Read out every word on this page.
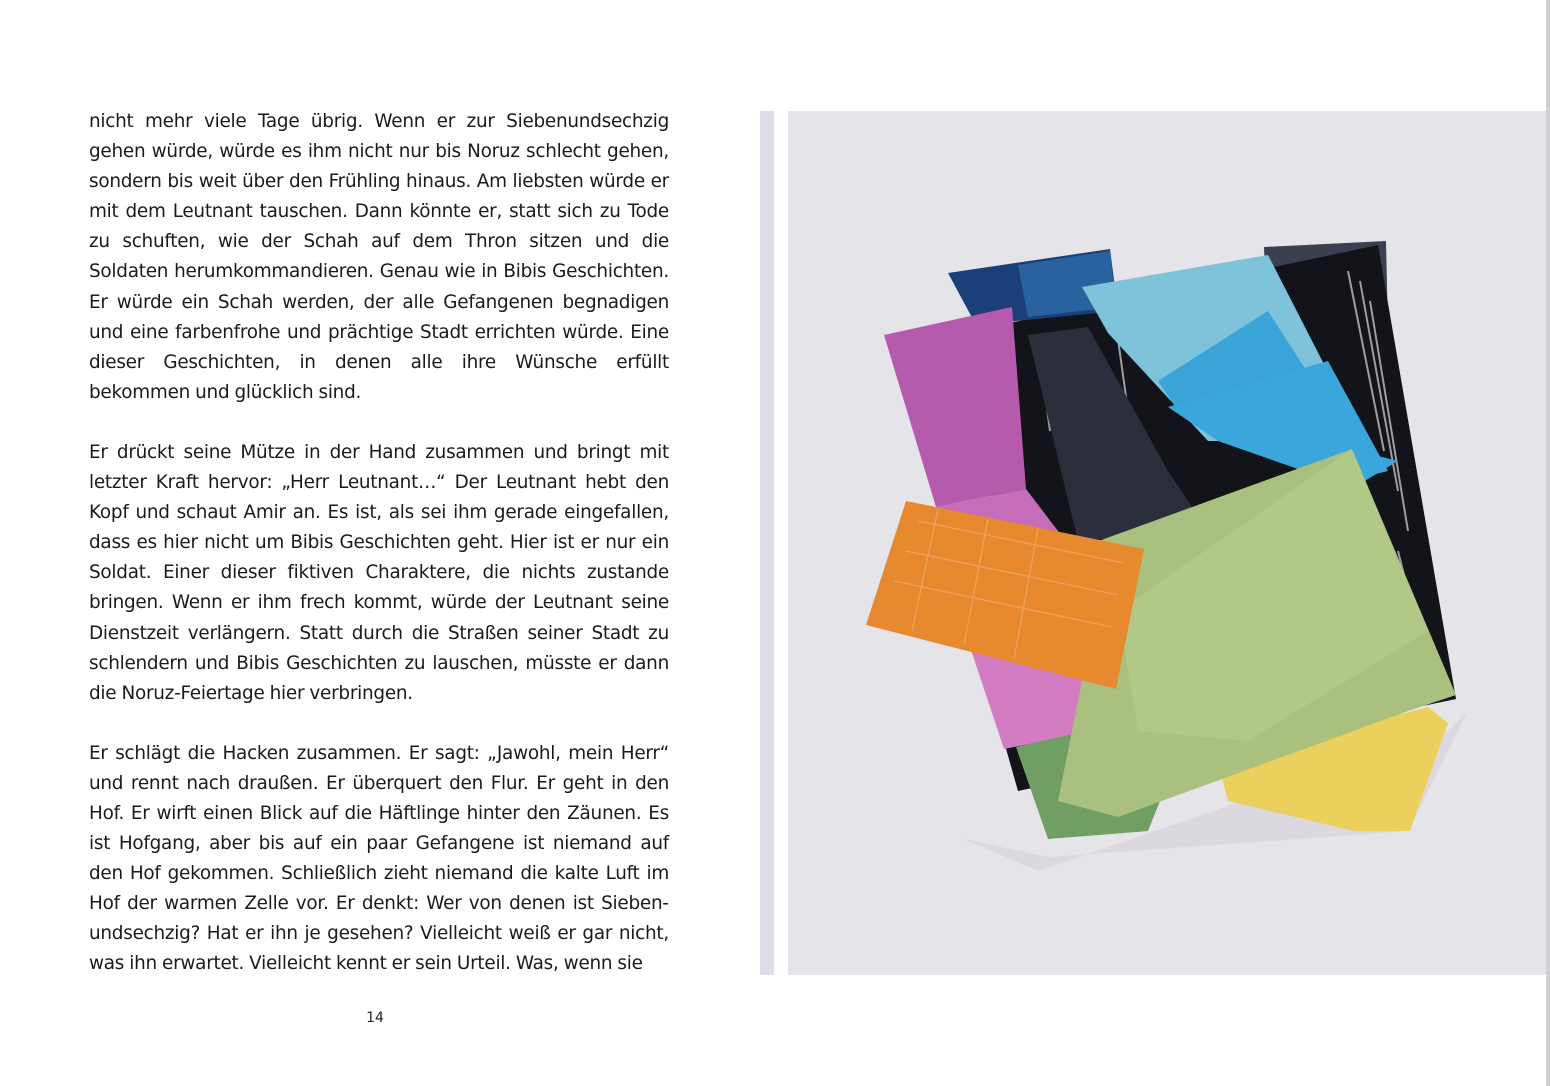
nicht mehr viele Tage übrig. Wenn er zur Siebenundsechzig gehen würde, würde es ihm nicht nur bis Noruz schlecht gehen, sondern bis weit über den Frühling hinaus. Am liebsten würde er mit dem Leutnant tauschen. Dann könnte er, statt sich zu Tode zu schuften, wie der Schah auf dem Thron sitzen und die Soldaten herumkommandieren. Genau wie in Bibis Geschichten. Er würde ein Schah werden, der alle Gefangenen begnadigen und eine farbenfrohe und prächtige Stadt errichten würde. Eine dieser Geschichten, in denen alle ihre Wünsche erfüllt bekommen und glücklich sind.

Er drückt seine Mütze in der Hand zusammen und bringt mit letzter Kraft hervor: „Herr Leutnant…“ Der Leutnant hebt den Kopf und schaut Amir an. Es ist, als sei ihm gerade eingefallen, dass es hier nicht um Bibis Geschichten geht. Hier ist er nur ein Soldat. Einer dieser fiktiven Charaktere, die nichts zustande bringen. Wenn er ihm frech kommt, würde der Leutnant seine Dienstzeit verlängern. Statt durch die Straßen seiner Stadt zu schlendern und Bibis Geschichten zu lauschen, müsste er dann die Noruz-Feiertage hier verbringen.

Er schlägt die Hacken zusammen. Er sagt: „Jawohl, mein Herr“ und rennt nach draußen. Er überquert den Flur. Er geht in den Hof. Er wirft einen Blick auf die Häftlinge hinter den Zäunen. Es ist Hofgang, aber bis auf ein paar Gefangene ist niemand auf den Hof gekommen. Schließlich zieht niemand die kalte Luft im Hof der warmen Zelle vor. Er denkt: Wer von denen ist Siebenundsechzig? Hat er ihn je gesehen? Vielleicht weiß er gar nicht, was ihn erwartet. Vielleicht kennt er sein Urteil. Was, wenn sie

14
